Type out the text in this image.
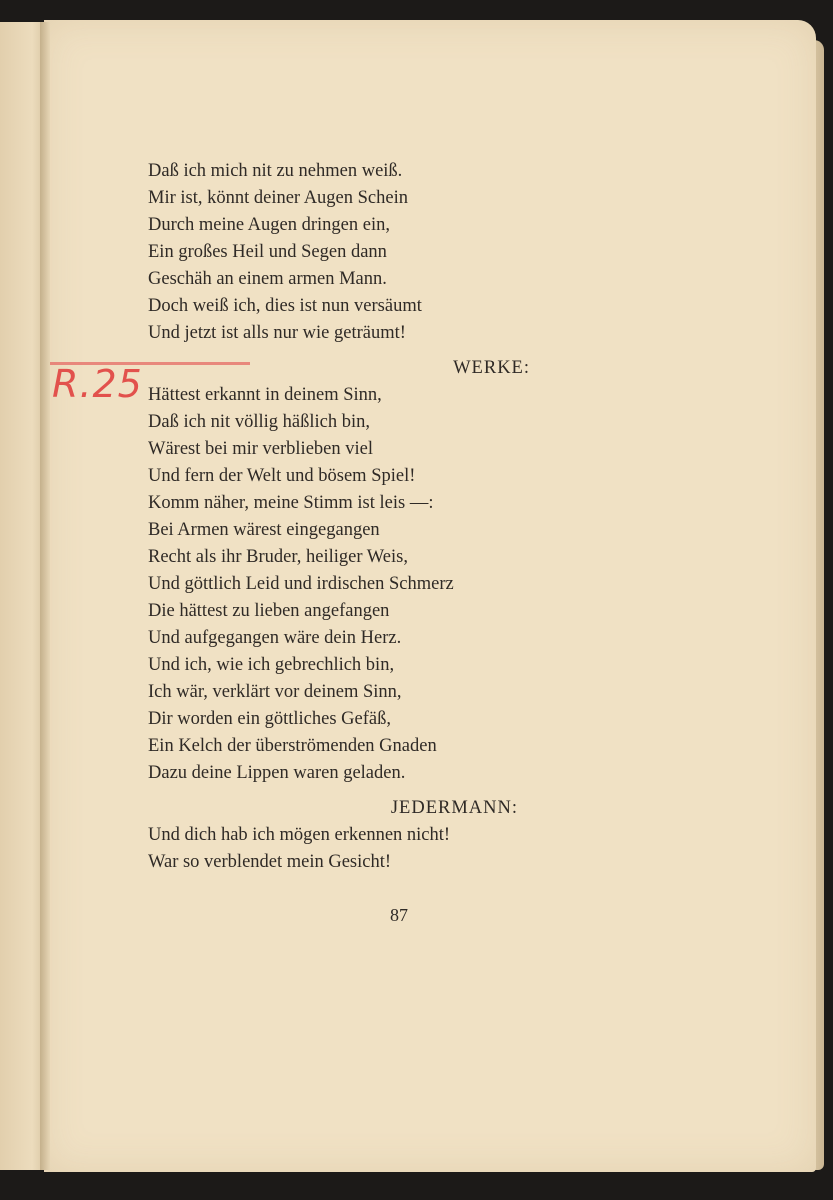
R.25
Daß ich mich nit zu nehmen weiß.
Mir ist, könnt deiner Augen Schein
Durch meine Augen dringen ein,
Ein großes Heil und Segen dann
Geschäh an einem armen Mann.
Doch weiß ich, dies ist nun versäumt
Und jetzt ist alls nur wie geträumt!
WERKE:
Hättest erkannt in deinem Sinn,
Daß ich nit völlig häßlich bin,
Wärest bei mir verblieben viel
Und fern der Welt und bösem Spiel!
Komm näher, meine Stimm ist leis —:
Bei Armen wärest eingegangen
Recht als ihr Bruder, heiliger Weis,
Und göttlich Leid und irdischen Schmerz
Die hättest zu lieben angefangen
Und aufgegangen wäre dein Herz.
Und ich, wie ich gebrechlich bin,
Ich wär, verklärt vor deinem Sinn,
Dir worden ein göttliches Gefäß,
Ein Kelch der überströmenden Gnaden
Dazu deine Lippen waren geladen.
JEDERMANN:
Und dich hab ich mögen erkennen nicht!
War so verblendet mein Gesicht!
87
